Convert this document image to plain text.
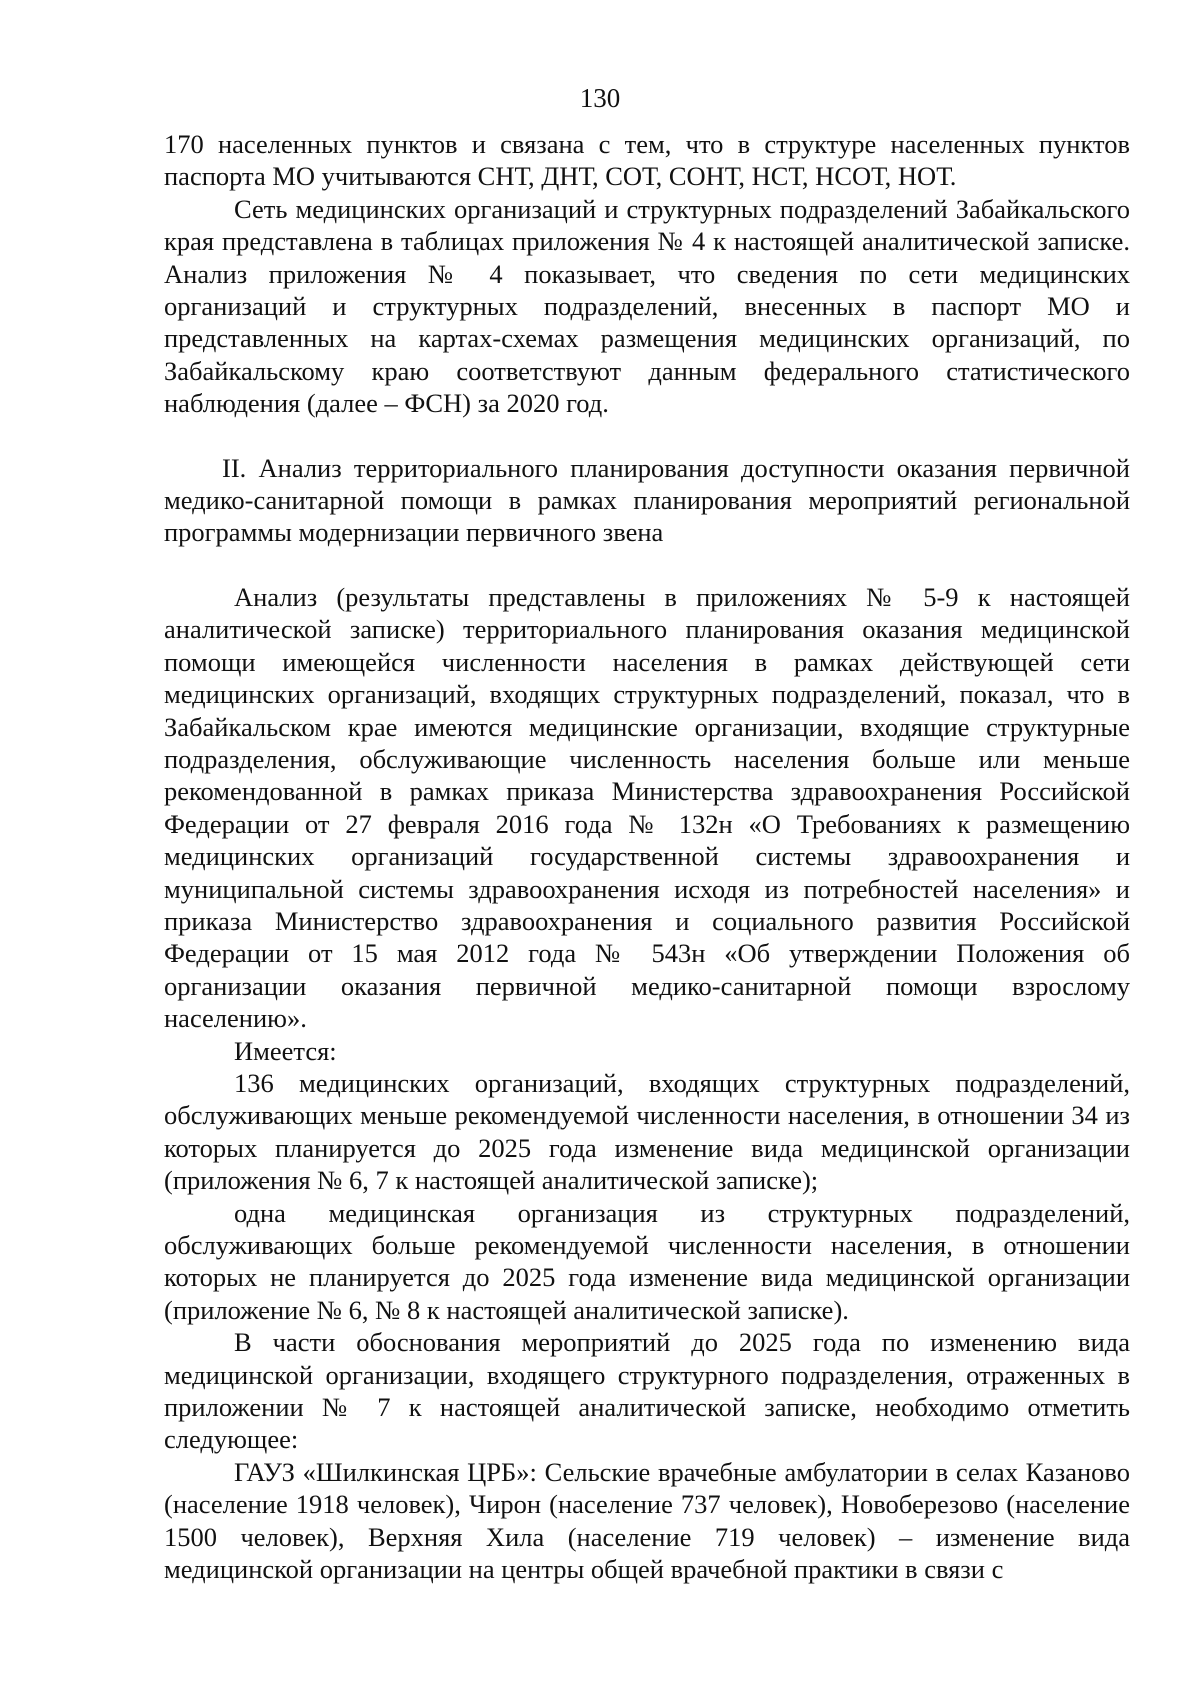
130

170 населенных пунктов и связана с тем, что в структуре населенных пунктов паспорта МО учитываются СНТ, ДНТ, СОТ, СОНТ, НСТ, НСОТ, НОТ.

Сеть медицинских организаций и структурных подразделений Забайкальского края представлена в таблицах приложения № 4 к настоящей аналитической записке. Анализ приложения № 4 показывает, что сведения по сети медицинских организаций и структурных подразделений, внесенных в паспорт МО и представленных на картах-схемах размещения медицинских организаций, по Забайкальскому краю соответствуют данным федерального статистического наблюдения (далее – ФСН) за 2020 год.

II. Анализ территориального планирования доступности оказания первичной медико-санитарной помощи в рамках планирования мероприятий региональной программы модернизации первичного звена

Анализ (результаты представлены в приложениях № 5-9 к настоящей аналитической записке) территориального планирования оказания медицинской помощи имеющейся численности населения в рамках действующей сети медицинских организаций, входящих структурных подразделений, показал, что в Забайкальском крае имеются медицинские организации, входящие структурные подразделения, обслуживающие численность населения больше или меньше рекомендованной в рамках приказа Министерства здравоохранения Российской Федерации от 27 февраля 2016 года № 132н «О Требованиях к размещению медицинских организаций государственной системы здравоохранения и муниципальной системы здравоохранения исходя из потребностей населения» и приказа Министерство здравоохранения и социального развития Российской Федерации от 15 мая 2012 года № 543н «Об утверждении Положения об организации оказания первичной медико-санитарной помощи взрослому населению».

Имеется:

136 медицинских организаций, входящих структурных подразделений, обслуживающих меньше рекомендуемой численности населения, в отношении 34 из которых планируется до 2025 года изменение вида медицинской организации (приложения № 6, 7 к настоящей аналитической записке);

одна медицинская организация из структурных подразделений, обслуживающих больше рекомендуемой численности населения, в отношении которых не планируется до 2025 года изменение вида медицинской организации (приложение № 6, № 8 к настоящей аналитической записке).

В части обоснования мероприятий до 2025 года по изменению вида медицинской организации, входящего структурного подразделения, отраженных в приложении № 7 к настоящей аналитической записке, необходимо отметить следующее:

ГАУЗ «Шилкинская ЦРБ»: Сельские врачебные амбулатории в селах Казаново (население 1918 человек), Чирон (население 737 человек), Новоберезово (население 1500 человек), Верхняя Хила (население 719 человек) – изменение вида медицинской организации на центры общей врачебной практики в связи с
